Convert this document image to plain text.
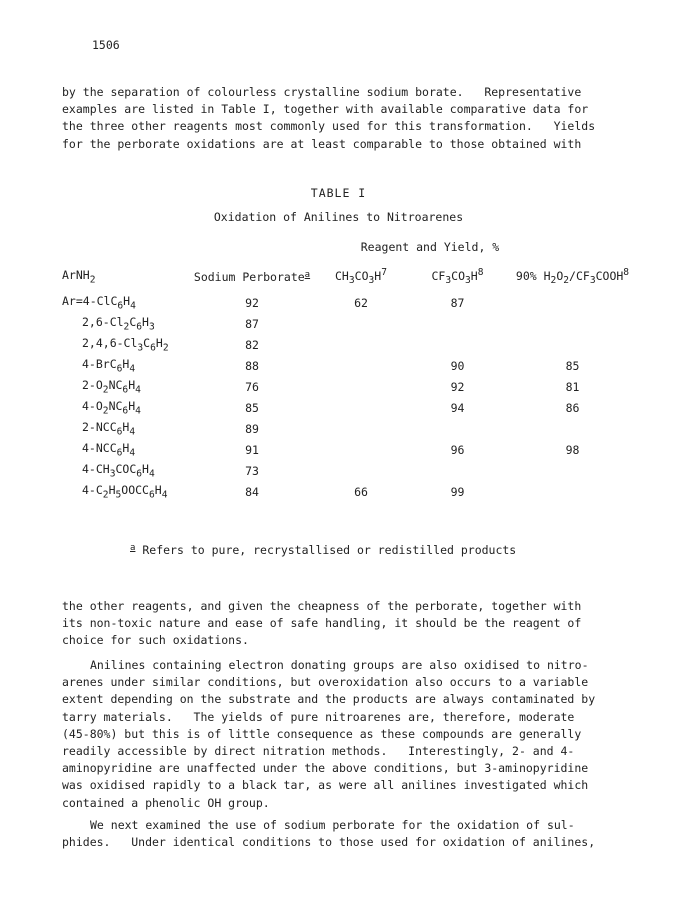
1506
by the separation of colourless crystalline sodium borate.   Representative
examples are listed in Table I, together with available comparative data for
the three other reagents most commonly used for this transformation.   Yields
for the perborate oxidations are at least comparable to those obtained with
TABLE I
Oxidation of Anilines to Nitroarenes
Reagent and Yield, %
ArNH$_2$	Sodium Perborate$^a$	$CH_3CO_3H^7$	$CF_3CO_3H^8$	90% $H_2O_2/CF_3COOH^8$
$Ar=4-ClC_6H_4$	92	62	87	
$2,6-Cl_2C_6H_3$	87			
$2,4,6-Cl_3C_6H_2$	82			
$4-BrC_6H_4$	88		90	85
$2-O_2NC_6H_4$	76		92	81
$4-O_2NC_6H_4$	85		94	86
$2-NCC_6H_4$	89			
$4-NCC_6H_4$	91		96	98
$4-CH_3COC_6H_4$	73			
$4-C_2H_5OOCC_6H_4$	84	66	99	
$^a$ Refers to pure, recrystallised or redistilled products
the other reagents, and given the cheapness of the perborate, together with
its non-toxic nature and ease of safe handling, it should be the reagent of
choice for such oxidations.
Anilines containing electron donating groups are also oxidised to nitro-
arenes under similar conditions, but overoxidation also occurs to a variable
extent depending on the substrate and the products are always contaminated by
tarry materials.   The yields of pure nitroarenes are, therefore, moderate
(45-80%) but this is of little consequence as these compounds are generally
readily accessible by direct nitration methods.   Interestingly, 2- and 4-
aminopyridine are unaffected under the above conditions, but 3-aminopyridine
was oxidised rapidly to a black tar, as were all anilines investigated which
contained a phenolic OH group.
We next examined the use of sodium perborate for the oxidation of sul-
phides.   Under identical conditions to those used for oxidation of anilines,
